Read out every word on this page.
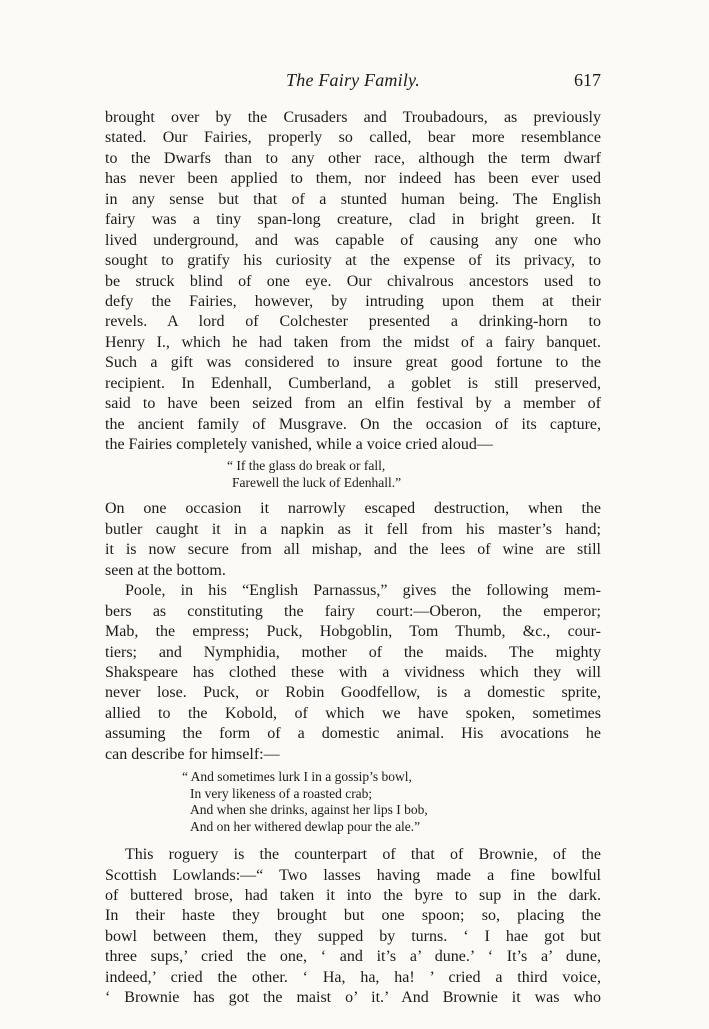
The Fairy Family.	617
brought over by the Crusaders and Troubadours, as previously
stated. Our Fairies, properly so called, bear more resemblance
to the Dwarfs than to any other race, although the term dwarf
has never been applied to them, nor indeed has been ever used
in any sense but that of a stunted human being. The English
fairy was a tiny span-long creature, clad in bright green. It
lived underground, and was capable of causing any one who
sought to gratify his curiosity at the expense of its privacy, to
be struck blind of one eye. Our chivalrous ancestors used to
defy the Fairies, however, by intruding upon them at their
revels. A lord of Colchester presented a drinking-horn to
Henry I., which he had taken from the midst of a fairy banquet.
Such a gift was considered to insure great good fortune to the
recipient. In Edenhall, Cumberland, a goblet is still preserved,
said to have been seized from an elfin festival by a member of
the ancient family of Musgrave. On the occasion of its capture,
the Fairies completely vanished, while a voice cried aloud—
“ If the glass do break or fall,
Farewell the luck of Edenhall.”
On one occasion it narrowly escaped destruction, when the
butler caught it in a napkin as it fell from his master’s hand;
it is now secure from all mishap, and the lees of wine are still
seen at the bottom.
Poole, in his “English Parnassus,” gives the following mem-
bers as constituting the fairy court:—Oberon, the emperor;
Mab, the empress; Puck, Hobgoblin, Tom Thumb, &c., cour-
tiers; and Nymphidia, mother of the maids. The mighty
Shakspeare has clothed these with a vividness which they will
never lose. Puck, or Robin Goodfellow, is a domestic sprite,
allied to the Kobold, of which we have spoken, sometimes
assuming the form of a domestic animal. His avocations he
can describe for himself:—
“ And sometimes lurk I in a gossip’s bowl,
In very likeness of a roasted crab;
And when she drinks, against her lips I bob,
And on her withered dewlap pour the ale.”
This roguery is the counterpart of that of Brownie, of the
Scottish Lowlands:—“ Two lasses having made a fine bowlful
of buttered brose, had taken it into the byre to sup in the dark.
In their haste they brought but one spoon; so, placing the
bowl between them, they supped by turns. ‘ I hae got but
three sups,’ cried the one, ‘ and it’s a’ dune.’ ‘ It’s a’ dune,
indeed,’ cried the other. ‘ Ha, ha, ha! ’ cried a third voice,
‘ Brownie has got the maist o’ it.’ And Brownie it was who
